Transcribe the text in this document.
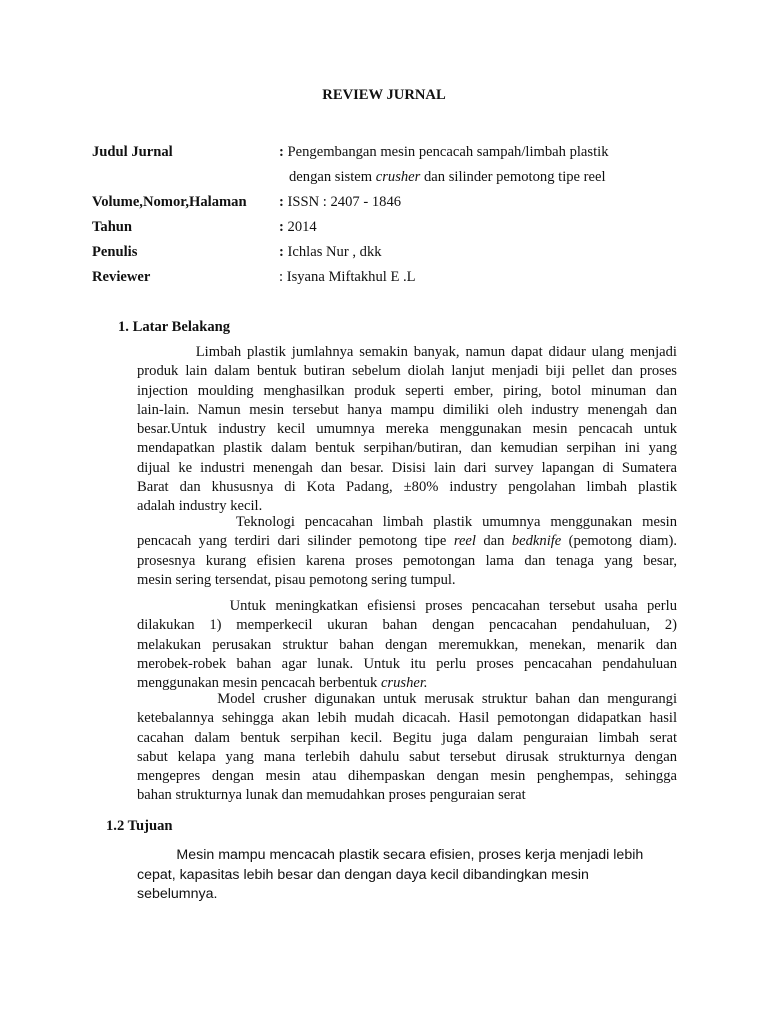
REVIEW JURNAL
Judul Jurnal	: Pengembangan mesin pencacah sampah/limbah plastik
dengan sistem crusher dan silinder pemotong tipe reel
Volume,Nomor,Halaman : ISSN : 2407 - 1846
Tahun	: 2014
Penulis	: Ichlas Nur , dkk
Reviewer	: Isyana Miftakhul E .L
1. Latar Belakang
Limbah plastik jumlahnya semakin banyak, namun dapat didaur ulang menjadi
produk lain dalam bentuk butiran sebelum diolah lanjut menjadi biji pellet dan proses
injection moulding menghasilkan produk seperti ember, piring, botol minuman dan
lain-lain. Namun mesin tersebut hanya mampu dimiliki oleh industry menengah dan
besar.Untuk industry kecil umumnya mereka menggunakan mesin pencacah untuk
mendapatkan plastik dalam bentuk serpihan/butiran, dan kemudian serpihan ini yang
dijual ke industri menengah dan besar. Disisi lain dari survey lapangan di Sumatera
Barat dan khususnya di Kota Padang, ±80% industry pengolahan limbah plastik
adalah industry kecil.
Teknologi pencacahan limbah plastik umumnya menggunakan mesin
pencacah yang terdiri dari silinder pemotong tipe reel dan bedknife (pemotong diam).
prosesnya kurang efisien karena proses pemotongan lama dan tenaga yang besar,
mesin sering tersendat, pisau pemotong sering tumpul.
Untuk meningkatkan efisiensi proses pencacahan tersebut usaha perlu
dilakukan 1) memperkecil ukuran bahan dengan pencacahan pendahuluan, 2)
melakukan perusakan struktur bahan dengan meremukkan, menekan, menarik dan
merobek-robek bahan agar lunak. Untuk itu perlu proses pencacahan pendahuluan
menggunakan mesin pencacah berbentuk crusher.
Model crusher digunakan untuk merusak struktur bahan dan mengurangi
ketebalannya sehingga akan lebih mudah dicacah. Hasil pemotongan didapatkan hasil
cacahan dalam bentuk serpihan kecil. Begitu juga dalam penguraian limbah serat
sabut kelapa yang mana terlebih dahulu sabut tersebut dirusak strukturnya dengan
mengepres dengan mesin atau dihempaskan dengan mesin penghempas, sehingga
bahan strukturnya lunak dan memudahkan proses penguraian serat
1.2 Tujuan
Mesin mampu mencacah plastik secara efisien, proses kerja menjadi lebih
cepat, kapasitas lebih besar dan dengan daya kecil dibandingkan mesin
sebelumnya.
